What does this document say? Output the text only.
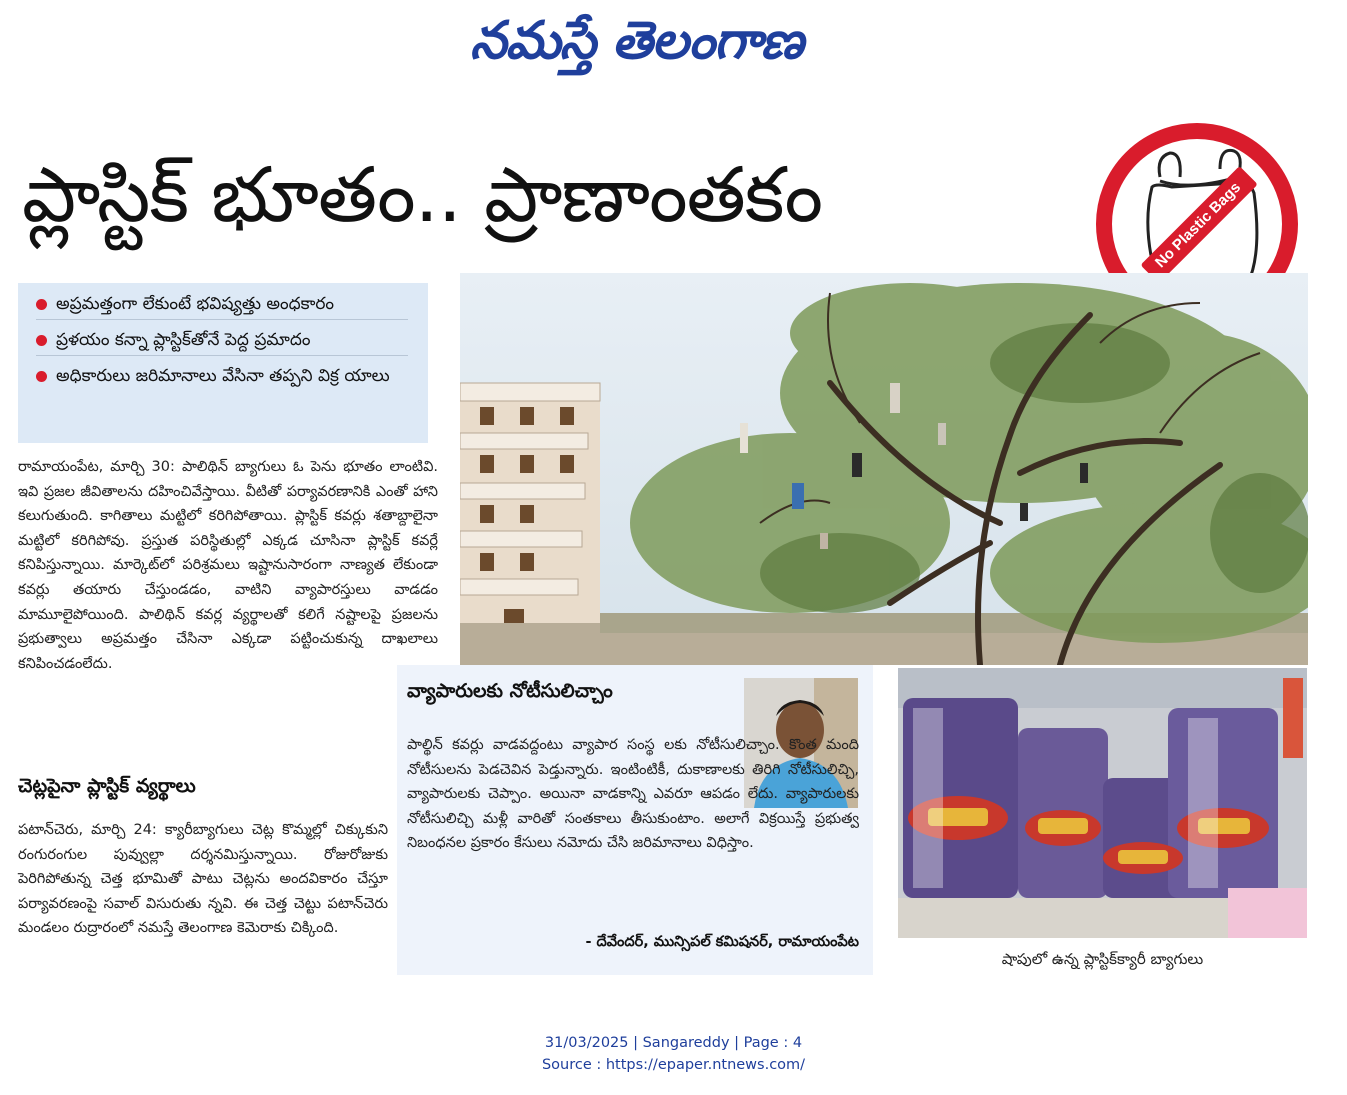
నమస్తే తెలంగాణ
ప్లాస్టిక్ భూతం.. ప్రాణాంతకం	No Plastic Bags
అప్రమత్తంగా లేకుంటే భవిష్యత్తు అంధకారం
ప్రళయం కన్నా ప్లాస్టిక్‌తోనే పెద్ద ప్రమాదం
అధికారులు జరిమానాలు వేసినా తప్పని విక్ర యాలు
రామాయంపేట, మార్చి 30: పాలిథిన్ బ్యాగులు ఓ పెను భూతం లాంటివి. ఇవి ప్రజల జీవితాలను దహించివేస్తాయి. వీటితో పర్యావరణానికి ఎంతో హాని కలుగుతుంది. కాగితాలు మట్టిలో కరిగిపోతాయి. ప్లాస్టిక్ కవర్లు శతాబ్దాలైనా మట్టిలో కరిగిపోవు. ప్రస్తుత పరిస్థితుల్లో ఎక్కడ చూసినా ప్లాస్టిక్ కవర్లే కనిపిస్తున్నాయి. మార్కెట్‌లో పరిశ్రమలు ఇష్టానుసారంగా నాణ్యత లేకుండా కవర్లు తయారు చేస్తుండడం, వాటిని వ్యాపారస్తులు వాడడం మామూలైపోయింది. పాలిథిన్ కవర్ల వ్యర్థాలతో కలిగే నష్టాలపై ప్రజలను ప్రభుత్వాలు అప్రమత్తం చేసినా ఎక్కడా పట్టించుకున్న దాఖలాలు కనిపించడంలేదు.
చెట్లపైనా ప్లాస్టిక్ వ్యర్థాలు
పటాన్‌చెరు, మార్చి 24: క్యారీబ్యాగులు చెట్ల కొమ్మల్లో చిక్కుకుని రంగురంగుల పువ్వుల్లా దర్శనమిస్తున్నాయి. రోజురోజుకు పెరిగిపోతున్న చెత్త భూమితో పాటు చెట్లను అందవికారం చేస్తూ పర్యావరణంపై సవాల్ విసురుతు న్నవి. ఈ చెత్త చెట్టు పటాన్‌చెరు మండలం రుద్రారంలో నమస్తే తెలంగాణ కెమెరాకు చిక్కింది.
వ్యాపారులకు నోటీసులిచ్చాం
పాల్థిన్ కవర్లు వాడవద్దంటు వ్యాపార సంస్థ లకు నోటీసులిచ్చాం. కొంత మంది నోటీసులను పెడచెవిన పెడ్తున్నారు. ఇంటింటికీ, దుకాణాలకు తిరిగి నోటీసులిచ్చి, వ్యాపారులకు చెప్పాం. అయినా వాడకాన్ని ఎవరూ ఆపడం లేదు. వ్యాపారులకు నోటీసులిచ్చి మళ్లీ వారితో సంతకాలు తీసుకుంటాం. అలాగే విక్రయిస్తే ప్రభుత్వ నిబంధనల ప్రకారం కేసులు నమోదు చేసి జరిమానాలు విధిస్తాం.
- దేవేందర్, మున్సిపల్ కమిషనర్, రామాయంపేట
షాపులో ఉన్న ప్లాస్టిక్‌క్యారీ బ్యాగులు
31/03/2025 | Sangareddy | Page : 4
Source : https://epaper.ntnews.com/
